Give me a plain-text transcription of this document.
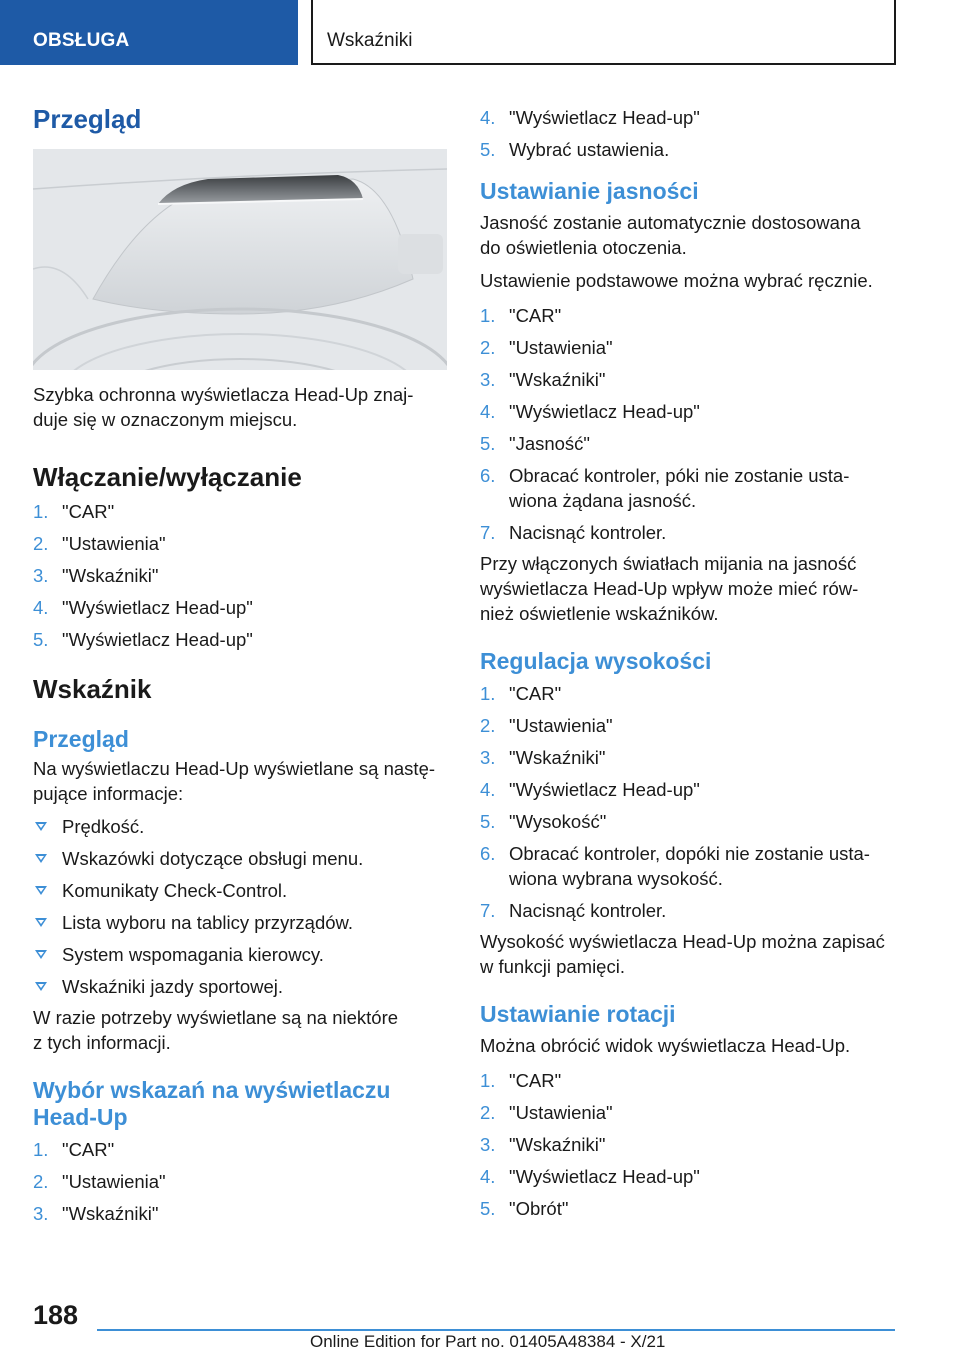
OBSŁUGA	Wskaźniki
Przegląd

Szybka ochronna wyświetlacza Head-Up znaj-
duje się w oznaczonym miejscu.

Włączanie/wyłączanie
1. "CAR"
2. "Ustawienia"
3. "Wskaźniki"
4. "Wyświetlacz Head-up"
5. "Wyświetlacz Head-up"
Wskaźnik
Przegląd

Na wyświetlaczu Head-Up wyświetlane są nastę-
pujące informacje:

Prędkość.
Wskazówki dotyczące obsługi menu.
Komunikaty Check-Control.
Lista wyboru na tablicy przyrządów.
System wspomagania kierowcy.
Wskaźniki jazdy sportowej.

W razie potrzeby wyświetlane są na niektóre
z tych informacji.

Wybór wskazań na wyświetlaczu
Head-Up
1. "CAR"
2. "Ustawienia"
3. "Wskaźniki"
4. "Wyświetlacz Head-up"
5. Wybrać ustawienia.
Ustawianie jasności

Jasność zostanie automatycznie dostosowana
do oświetlenia otoczenia.

Ustawienie podstawowe można wybrać ręcznie.

1. "CAR"
2. "Ustawienia"
3. "Wskaźniki"
4. "Wyświetlacz Head-up"
5. "Jasność"
6. Obracać kontroler, póki nie zostanie usta-
wiona żądana jasność.
7. Nacisnąć kontroler.

Przy włączonych światłach mijania na jasność
wyświetlacza Head-Up wpływ może mieć rów-
nież oświetlenie wskaźników.

Regulacja wysokości
1. "CAR"
2. "Ustawienia"
3. "Wskaźniki"
4. "Wyświetlacz Head-up"
5. "Wysokość"
6. Obracać kontroler, dopóki nie zostanie usta-
wiona wybrana wysokość.
7. Nacisnąć kontroler.

Wysokość wyświetlacza Head-Up można zapisać
w funkcji pamięci.

Ustawianie rotacji

Można obrócić widok wyświetlacza Head-Up.

1. "CAR"
2. "Ustawienia"
3. "Wskaźniki"
4. "Wyświetlacz Head-up"
5. "Obrót"
188
Online Edition for Part no. 01405A48384 - X/21
